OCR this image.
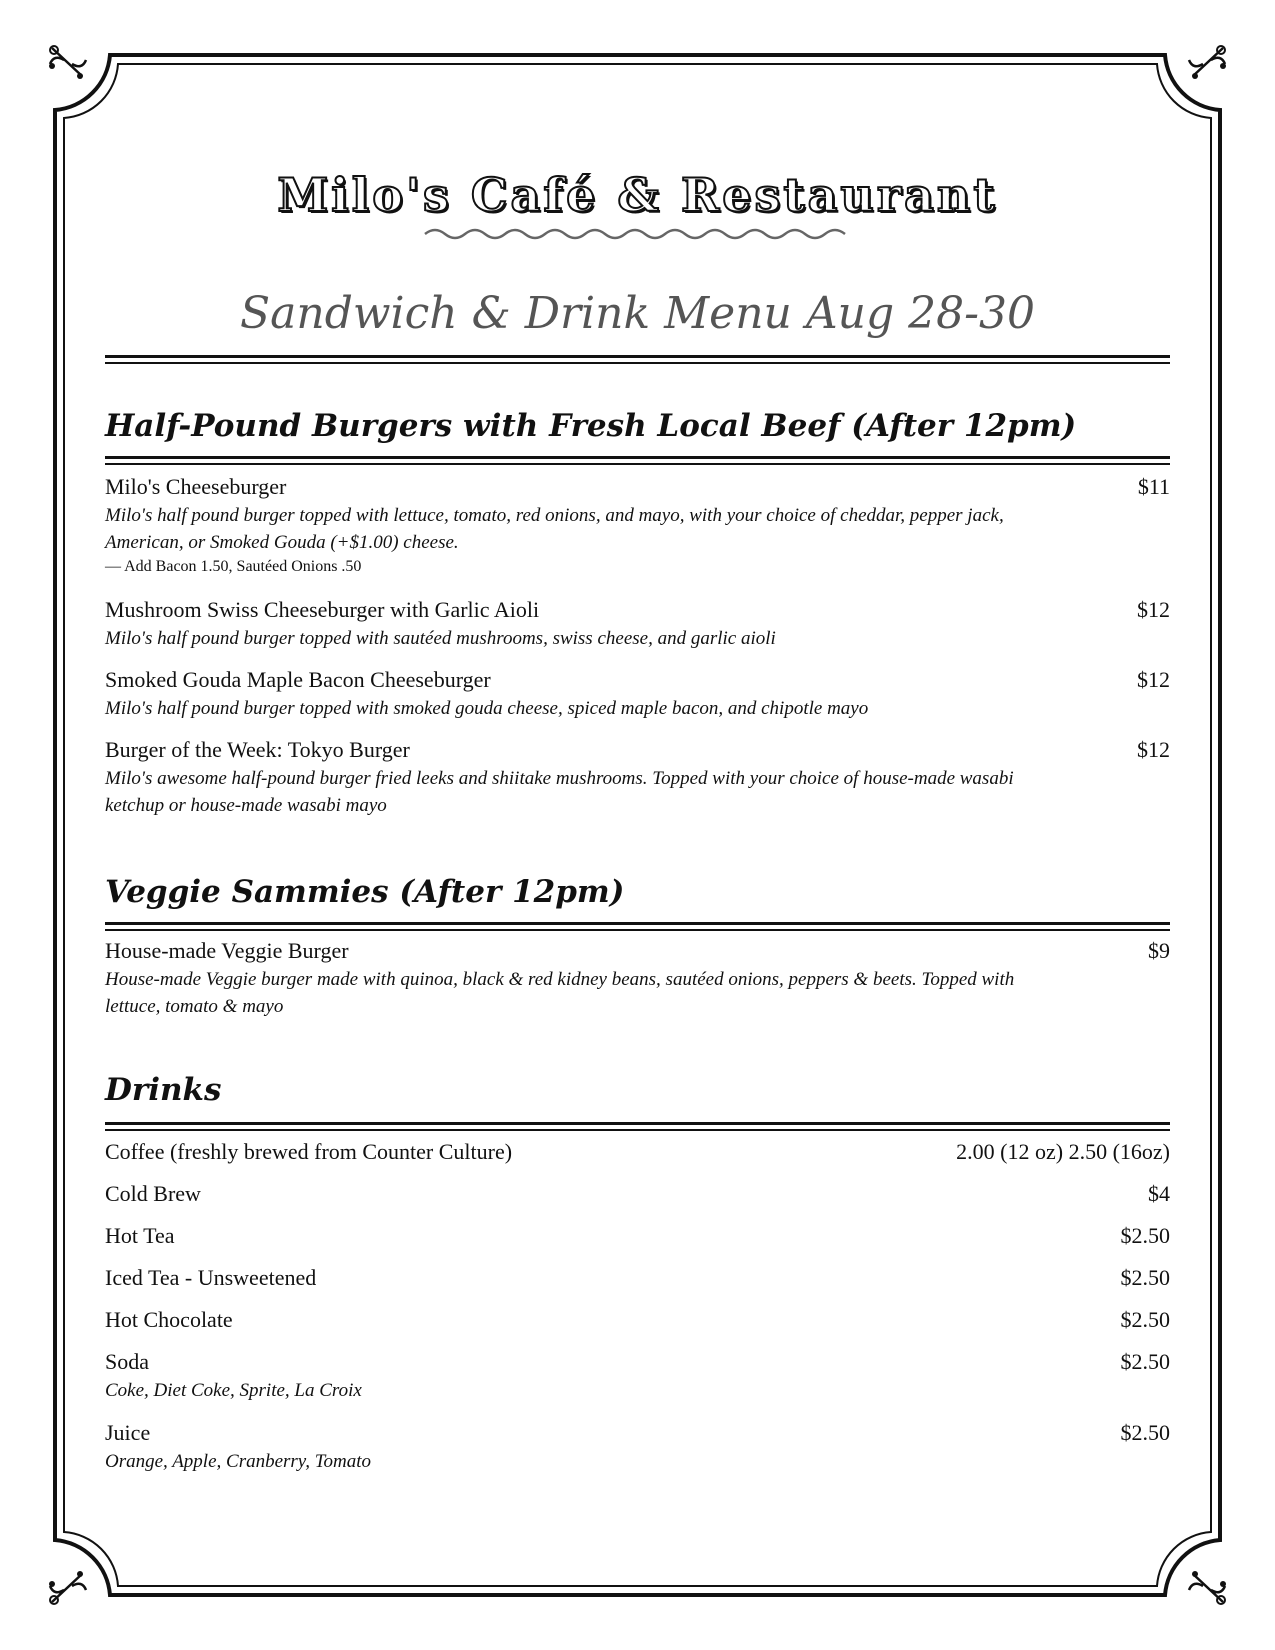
Milo's Café & Restaurant
Sandwich & Drink Menu Aug 28-30
Half-Pound Burgers with Fresh Local Beef (After 12pm)
Milo's Cheeseburger	$11
Milo's half pound burger topped with lettuce, tomato, red onions, and mayo, with your choice of cheddar, pepper jack, American, or Smoked Gouda (+$1.00) cheese.
— Add Bacon 1.50, Sautéed Onions .50
Mushroom Swiss Cheeseburger with Garlic Aioli	$12
Milo's half pound burger topped with sautéed mushrooms, swiss cheese, and garlic aioli
Smoked Gouda Maple Bacon Cheeseburger	$12
Milo's half pound burger topped with smoked gouda cheese, spiced maple bacon, and chipotle mayo
Burger of the Week: Tokyo Burger	$12
Milo's awesome half-pound burger fried leeks and shiitake mushrooms. Topped with your choice of house-made wasabi ketchup or house-made wasabi mayo
Veggie Sammies (After 12pm)
House-made Veggie Burger	$9
House-made Veggie burger made with quinoa, black & red kidney beans, sautéed onions, peppers & beets. Topped with lettuce, tomato & mayo
Drinks
Coffee (freshly brewed from Counter Culture)	2.00 (12 oz) 2.50 (16oz)
Cold Brew	$4
Hot Tea	$2.50
Iced Tea - Unsweetened	$2.50
Hot Chocolate	$2.50
Soda	$2.50
Coke, Diet Coke, Sprite, La Croix
Juice	$2.50
Orange, Apple, Cranberry, Tomato
